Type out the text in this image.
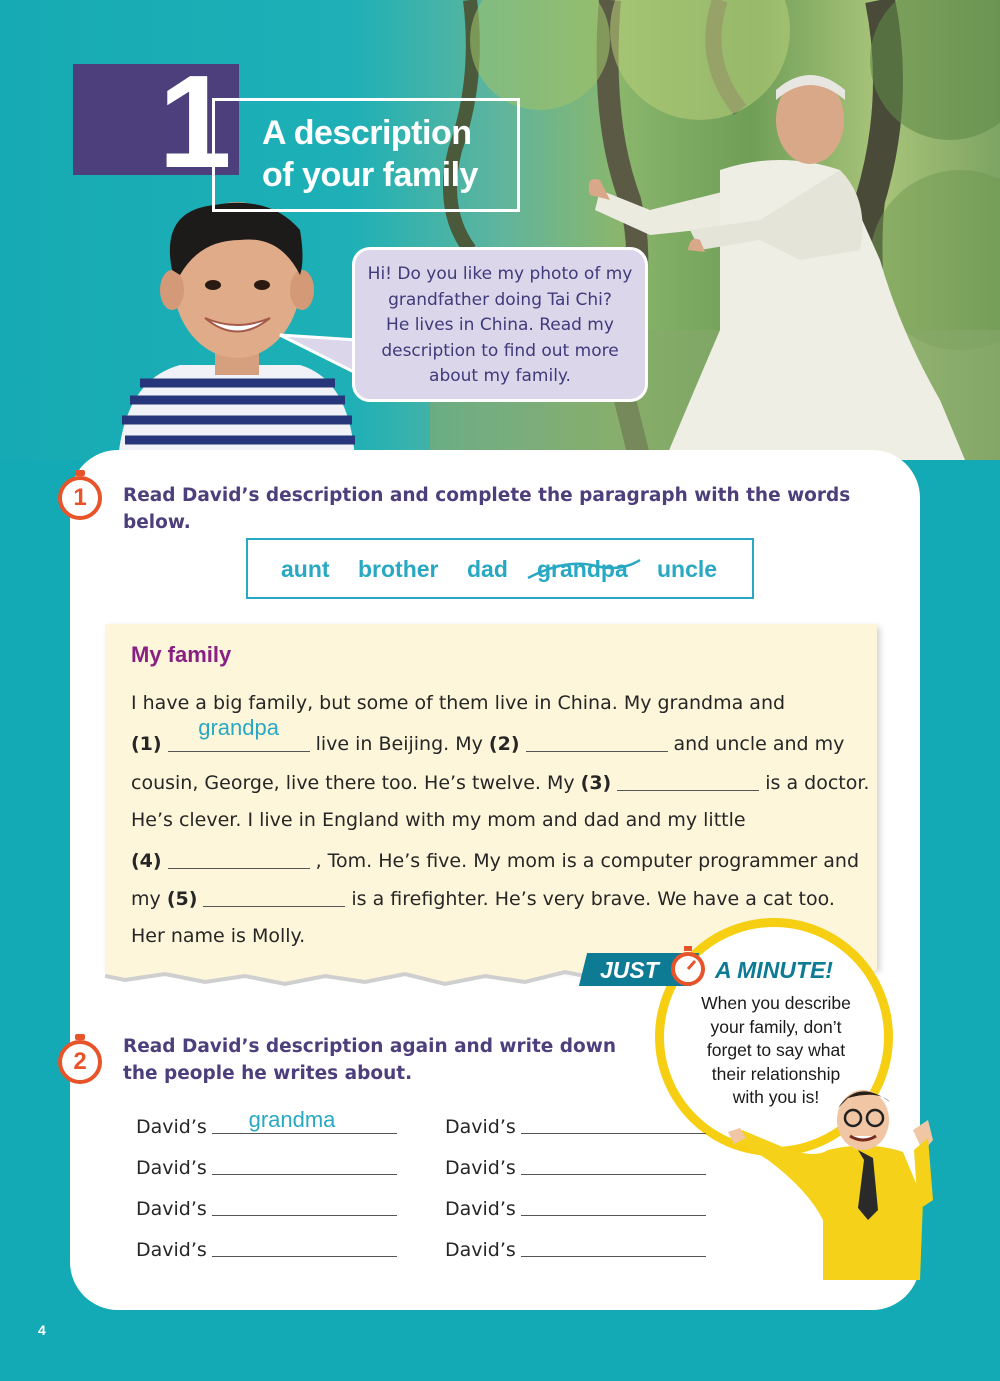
1 A description
of your family
Hi! Do you like my photo of my
grandfather doing Tai Chi?
He lives in China. Read my
description to find out more
about my family.
1	Read David’s description and complete the paragraph with the words below.
aunt brother dad grandpa uncle
My family
I have a big family, but some of them live in China. My grandma and
(1)
grandpa
live in Beijing. My (2)	and uncle and my
cousin, George, live there too. He’s twelve. My (3)	is a doctor.
He’s clever. I live in England with my mom and dad and my little
(4)	, Tom. He’s five. My mom is a computer programmer and
my (5)	is a firefighter. He’s very brave. We have a cat too.
Her name is Molly.
JUST A MINUTE!
When you describe
your family, don’t
forget to say what
their relationship
with you is!
2
Read David’s description again and write down
the people he writes about.
David’s	grandma
David’s
David’s
David’s
David’s
David’s
David’s
David’s
4
